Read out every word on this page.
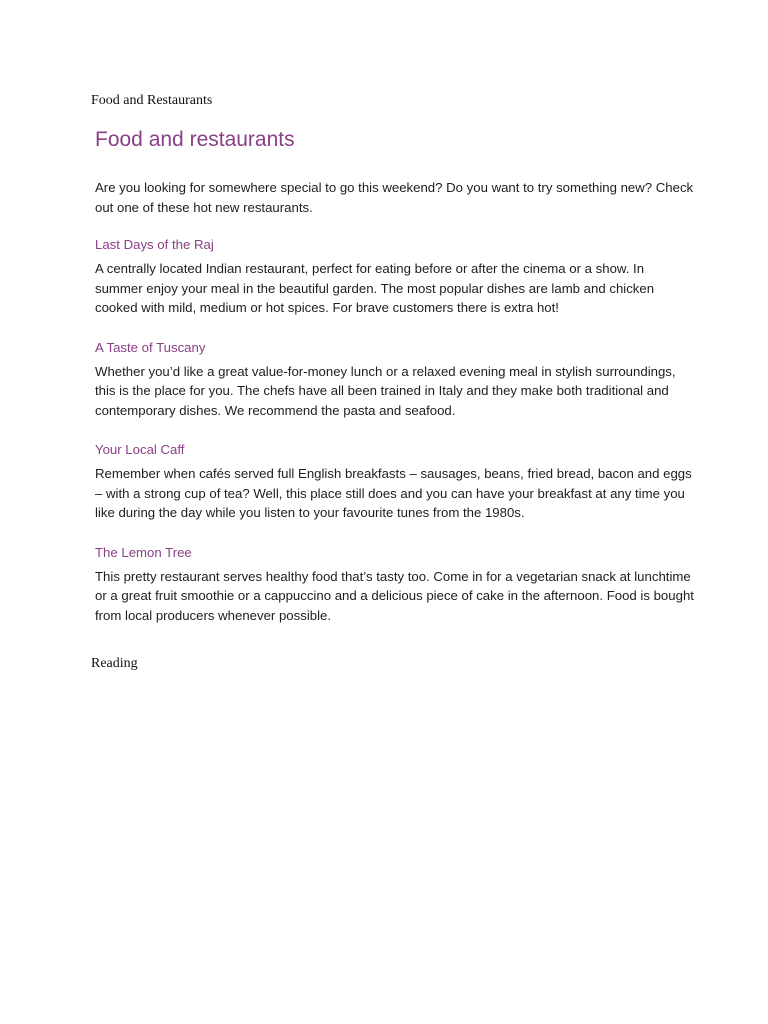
Food and Restaurants

Food and restaurants

Are you looking for somewhere special to go this weekend? Do you want to try something new? Check out one of these hot new restaurants.

Last Days of the Raj

A centrally located Indian restaurant, perfect for eating before or after the cinema or a show. In summer enjoy your meal in the beautiful garden. The most popular dishes are lamb and chicken cooked with mild, medium or hot spices. For brave customers there is extra hot!

A Taste of Tuscany

Whether you’d like a great value-for-money lunch or a relaxed evening meal in stylish surroundings, this is the place for you. The chefs have all been trained in Italy and they make both traditional and contemporary dishes. We recommend the pasta and seafood.

Your Local Caff

Remember when cafés served full English breakfasts – sausages, beans, fried bread, bacon and eggs – with a strong cup of tea? Well, this place still does and you can have your breakfast at any time you like during the day while you listen to your favourite tunes from the 1980s.

The Lemon Tree

This pretty restaurant serves healthy food that’s tasty too. Come in for a vegetarian snack at lunchtime or a great fruit smoothie or a cappuccino and a delicious piece of cake in the afternoon. Food is bought from local producers whenever possible.

Reading
